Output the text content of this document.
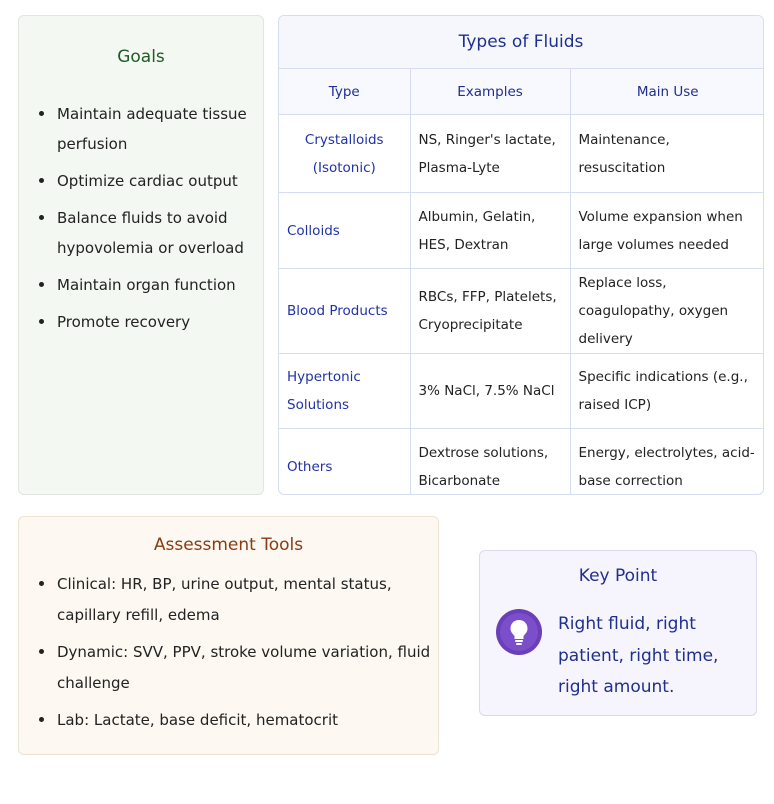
Goals
Maintain adequate tissue perfusion
Optimize cardiac output
Balance fluids to avoid hypovolemia or overload
Maintain organ function
Promote recovery
Types of Fluids
Type	Examples	Main Use
Crystalloids (Isotonic)	NS, Ringer's lactate, Plasma-Lyte	Maintenance, resuscitation
Colloids	Albumin, Gelatin, HES, Dextran	Volume expansion when large volumes needed
Blood Products	RBCs, FFP, Platelets, Cryoprecipitate	Replace loss, coagulopathy, oxygen delivery
Hypertonic Solutions	3% NaCl, 7.5% NaCl	Specific indications (e.g., raised ICP)
Others	Dextrose solutions, Bicarbonate	Energy, electrolytes, acid-base correction
Assessment Tools
Clinical: HR, BP, urine output, mental status, capillary refill, edema
Dynamic: SVV, PPV, stroke volume variation, fluid challenge
Lab: Lactate, base deficit, hematocrit
Key Point
Right fluid, right patient, right time, right amount.
